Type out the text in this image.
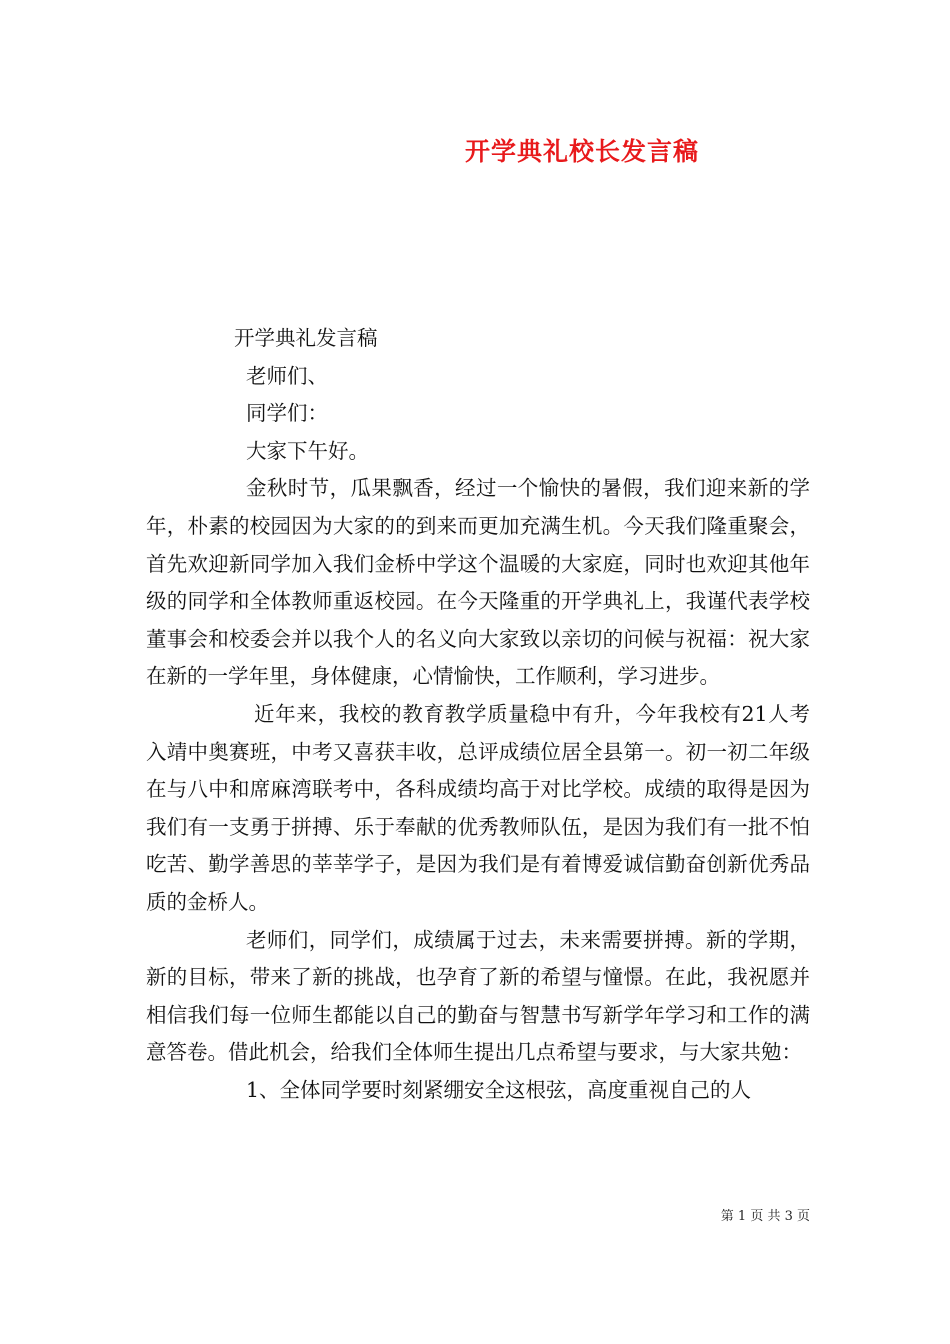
开学典礼校长发言稿
开学典礼发言稿
老师们、
同学们：
大家下午好。
金秋时节，瓜果飘香，经过一个愉快的暑假，我们迎来新的学年，朴素的校园因为大家的的到来而更加充满生机。今天我们隆重聚会，首先欢迎新同学加入我们金桥中学这个温暖的大家庭，同时也欢迎其他年级的同学和全体教师重返校园。在今天隆重的开学典礼上，我谨代表学校董事会和校委会并以我个人的名义向大家致以亲切的问候与祝福：祝大家在新的一学年里，身体健康，心情愉快，工作顺利，学习进步。
近年来，我校的教育教学质量稳中有升，今年我校有21人考入靖中奥赛班，中考又喜获丰收，总评成绩位居全县第一。初一初二年级在与八中和席麻湾联考中，各科成绩均高于对比学校。成绩的取得是因为我们有一支勇于拼搏、乐于奉献的优秀教师队伍，是因为我们有一批不怕吃苦、勤学善思的莘莘学子，是因为我们是有着博爱诚信勤奋创新优秀品质的金桥人。
老师们，同学们，成绩属于过去，未来需要拼搏。新的学期，新的目标，带来了新的挑战，也孕育了新的希望与憧憬。在此，我祝愿并相信我们每一位师生都能以自己的勤奋与智慧书写新学年学习和工作的满意答卷。借此机会，给我们全体师生提出几点希望与要求，与大家共勉：
1、全体同学要时刻紧绷安全这根弦，高度重视自己的人
第 1 页 共 3 页
